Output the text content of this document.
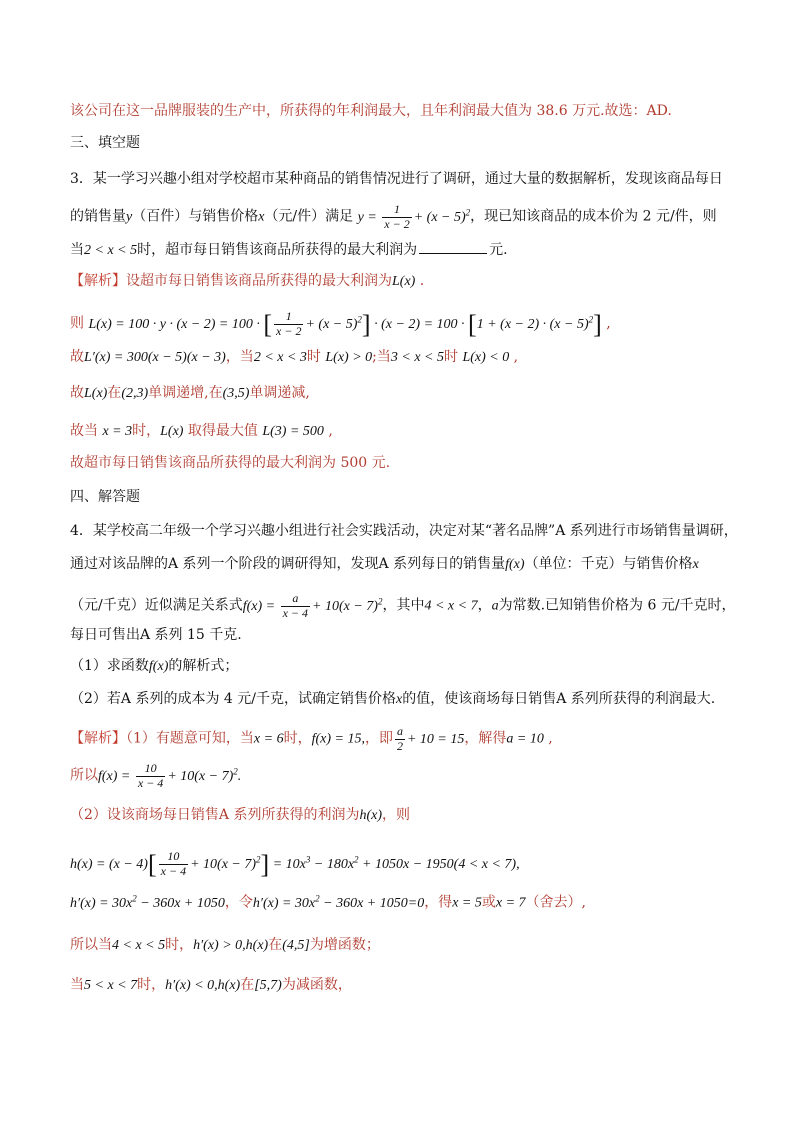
该公司在这一品牌服装的生产中，所获得的年利润最大，且年利润最大值为 38.6 万元.故选：AD.
三、填空题
3．某一学习兴趣小组对学校超市某种商品的销售情况进行了调研，通过大量的数据解析，发现该商品每日
的销售量y（百件）与销售价格x（元/件）满足 $y = \frac{1}{x - 2} + (x - 5)^2$，现已知该商品的成本价为 2 元/件，则
当2 < x < 5时，超市每日销售该商品所获得的最大利润为	元.
【解析】设超市每日销售该商品所获得的最大利润为L(x) .
则 L(x) = 100 · y · (x − 2) = 100 · [ $\frac{1}{x - 2} + (x - 5)^2] \cdot (x - 2) = 100 \cdot [1 + (x - 2) \cdot (x - 5)^2]$ ,
故L′(x) = 300(x − 5)(x − 3)，当2 < x < 3时 L(x) > 0;当3 < x < 5时 L(x) < 0 ,
故L(x)在(2,3)单调递增,在(3,5)单调递减,
故当 x = 3时，L(x) 取得最大值 L(3) = 500 ,
故超市每日销售该商品所获得的最大利润为 500 元.
四、解答题
4．某学校高二年级一个学习兴趣小组进行社会实践活动，决定对某“著名品牌”A 系列进行市场销售量调研，
通过对该品牌的A 系列一个阶段的调研得知，发现A 系列每日的销售量f(x)（单位：千克）与销售价格x
（元/千克）近似满足关系式$f(x) = \frac{a}{x - 4} + 10(x - 7)^2$，其中4 < x < 7，a为常数.已知销售价格为 6 元/千克时，
每日可售出A 系列 15 千克.
（1）求函数f(x)的解析式；
（2）若A 系列的成本为 4 元/千克，试确定销售价格x的值，使该商场每日销售A 系列所获得的利润最大.
【解析】（1）有题意可知，当x = 6时，f(x) = 15,，即 $\frac{a}{2} + 10 = 15$，解得a = 10 ,
所以$f(x) = \frac{10}{x - 4} + 10(x - 7)^2$.
（2）设该商场每日销售A 系列所获得的利润为h(x)，则
$h(x) = (x - 4)[ \frac{10}{x - 4} + 10(x - 7)^2] = 10x^3 - 180x^2 + 1050x - 1950(4 < x < 7)$,
$h'(x) = 30x^2 - 360x + 1050$，令$h'(x) = 30x^2 - 360x + 1050=0$，得x = 5或x = 7（舍去）,
所以当4 < x < 5时，h′(x) > 0,h(x)在(4,5]为增函数；
当5 < x < 7时，h′(x) < 0,h(x)在[5,7)为减函数，
